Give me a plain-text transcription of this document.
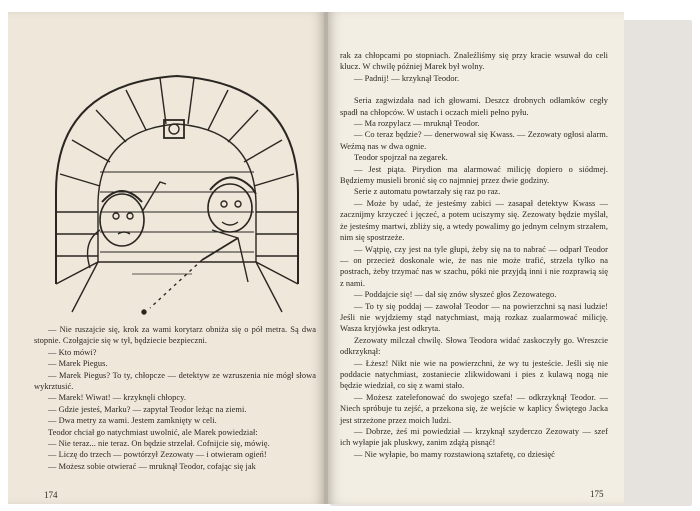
— Nie ruszajcie się, krok za wami korytarz obniża się o pół metra. Są dwa stopnie. Czołgajcie się w tył, będziecie bezpieczni.

— Kto mówi?

— Marek Piegus.

— Marek Piegus? To ty, chłopcze — detektyw ze wzruszenia nie mógł słowa wykrztusić.

— Marek! Wiwat! — krzyknęli chłopcy.

— Gdzie jesteś, Marku? — zapytał Teodor leżąc na ziemi.

— Dwa metry za wami. Jestem zamknięty w celi.

Teodor chciał go natychmiast uwolnić, ale Marek powiedział:

— Nie teraz... nie teraz. On będzie strzelał. Cofnijcie się, mówię.

— Liczę do trzech — powtórzył Zezowaty — i otwieram ogień!

— Możesz sobie otwierać — mruknął Teodor, cofając się jak

174

rak za chłopcami po stopniach. Znaleźliśmy się przy kracie wsuwał do celi klucz. W chwilę później Marek był wolny.

— Padnij! — krzyknął Teodor.

Seria zagwizdała nad ich głowami. Deszcz drobnych odłamków cegły spadł na chłopców. W ustach i oczach mieli pełno pyłu.

— Ma rozpylacz — mruknął Teodor.

— Co teraz będzie? — denerwował się Kwass. — Zezowaty ogłosi alarm. Weźmą nas w dwa ognie.

Teodor spojrzał na zegarek.

— Jest piąta. Pirydion ma alarmować milicję dopiero o siódmej. Będziemy musieli bronić się co najmniej przez dwie godziny.

Serie z automatu powtarzały się raz po raz.

— Może by udać, że jesteśmy zabici — zasapał detektyw Kwass — zacznijmy krzyczeć i jęczeć, a potem uciszymy się. Zezowaty będzie myślał, że jesteśmy martwi, zbliży się, a wtedy powalimy go jednym celnym strzałem, nim się spostrzeże.

— Wątpię, czy jest na tyle głupi, żeby się na to nabrać — odparł Teodor — on przecież doskonale wie, że nas nie może trafić, strzela tylko na postrach, żeby trzymać nas w szachu, póki nie przyjdą inni i nie rozprawią się z nami.

— Poddajcie się! — dał się znów słyszeć głos Zezowatego.

— To ty się poddaj — zawołał Teodor — na powierzchni są nasi ludzie! Jeśli nie wyjdziemy stąd natychmiast, mają rozkaz zualarmować milicję. Wasza kryjówka jest odkryta.

Zezowaty milczał chwilę. Słowa Teodora widać zaskoczyły go. Wreszcie odkrzyknął:

— Łżesz! Nikt nie wie na powierzchni, że wy tu jesteście. Jeśli się nie poddacie natychmiast, zostaniecie zlikwidowani i pies z kulawą nogą nie będzie wiedział, co się z wami stało.

— Możesz zatelefonować do swojego szefa! — odkrzyknął Teodor. — Niech spróbuje tu zejść, a przekona się, że wejście w kaplicy Świętego Jacka jest strzeżone przez moich ludzi.

— Dobrze, żeś mi powiedział — krzyknął szyderczo Zezowaty — szef ich wyłapie jak pluskwy, zanim zdążą pisnąć!

— Nie wyłapie, bo mamy rozstawioną sztafetę, co dziesięć

175
